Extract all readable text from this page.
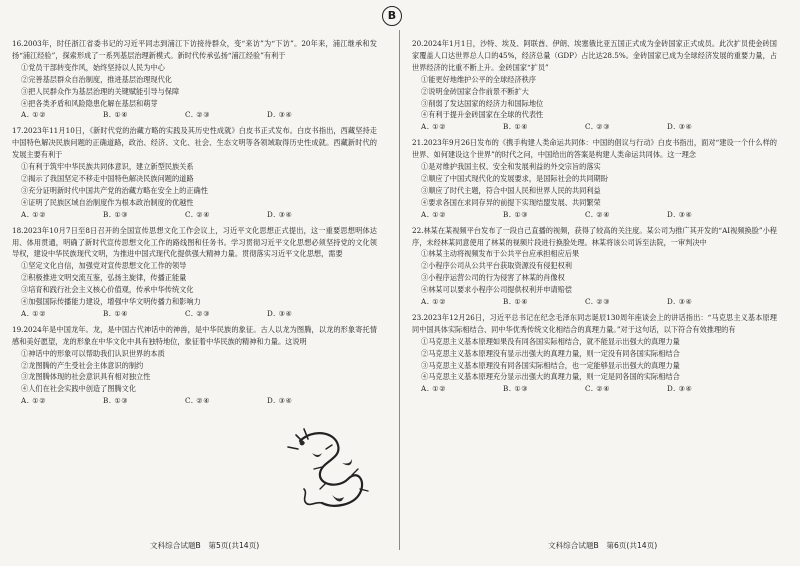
B
16.2003年，时任浙江省委书记的习近平同志到浦江下访接待群众，变“来访”为“下访”。20年来，浦江继承和发扬“浦江经验”，探索形成了一系列基层治理新模式。新时代传承弘扬“浦江经验”有利于
①党员干部转变作风，始终坚持以人民为中心
②完善基层群众自治制度，推进基层治理现代化
③把人民群众作为基层治理的关键赋能引导与保障
④把各类矛盾和风险隐患化解在基层和萌芽
A. ①②	B. ①④	C. ②③	D. ③④
17.2023年11月10日，《新时代党的治藏方略的实践及其历史性成就》白皮书正式发布。白皮书指出，西藏坚持走中国特色解决民族问题的正确道路，政治、经济、文化、社会、生态文明等各领域取得历史性成就。西藏新时代的发展主要有利于
①有利于筑牢中华民族共同体意识，建立新型民族关系
②揭示了我国坚定不移走中国特色解决民族问题的道路
③充分证明新时代中国共产党的治藏方略在安全上的正确性
④证明了民族区域自治制度作为根本政治制度的优越性
A. ①②	B. ①③	C. ②④	D. ③④
18.2023年10月7日至8日召开的全国宣传思想文化工作会议上，习近平文化思想正式提出，这一重要思想明体达用、体用贯通，明确了新时代宣传思想文化工作的路线图和任务书。学习贯彻习近平文化思想必须坚持党的文化领导权，建设中华民族现代文明，为推进中国式现代化提供强大精神力量。贯彻落实习近平文化思想，需要
①坚定文化自信，加强党对宣传思想文化工作的领导
②积极推进文明交流互鉴，弘扬主旋律，传播正能量
③培育和践行社会主义核心价值观，传承中华传统文化
④加强国际传播能力建设，增强中华文明传播力和影响力
A. ①②	B. ①④	C. ②③	D. ③④
19.2024年是中国龙年。龙，是中国古代神话中的神兽，是中华民族的象征。古人以龙为图腾，以龙的形象寄托情感和美好愿望，龙的形象在中华文化中具有独特地位，象征着中华民族的精神和力量。这说明
①神话中的形象可以帮助我们认识世界的本质
②龙图腾的产生受社会主体意识的制约
③龙图腾体现的社会意识具有相对独立性
④人们在社会实践中创造了图腾文化
A. ①②	B. ①③	C. ②④	D. ③④
20.2024年1月1日，沙特、埃及、阿联酋、伊朗、埃塞俄比亚五国正式成为金砖国家正式成员。此次扩员使金砖国家覆盖人口达世界总人口的45%，经济总量（GDP）占比达28.5%。金砖国家已成为全球经济发展的重要力量，占世界经济的比重不断上升。金砖国家“扩员”
①能更好地维护公平的全球经济秩序
②说明金砖国家合作前景不断扩大
③削弱了发达国家的经济力和国际地位
④有利于提升金砖国家在全球的代表性
A. ①②	B. ①④	C. ②③	D. ③④
21.2023年9月26日发布的《携手构建人类命运共同体：中国的倡议与行动》白皮书指出，面对“建设一个什么样的世界、如何建设这个世界”的时代之问，中国给出的答案是构建人类命运共同体。这一理念
①是对维护我国主权、安全和发展利益的外交宗旨的落实
②顺应了中国式现代化的发展要求，是国际社会的共同期盼
③顺应了时代主题，符合中国人民和世界人民的共同利益
④要求各国在求同存异的前提下实现结盟发展、共同繁荣
A. ①②	B. ①③	C. ②④	D. ③④
22.林某在某视频平台发布了一段自己直播的视频，获得了较高的关注度。某公司为推广其开发的“AI视频换脸”小程序，未经林某同意使用了林某的视频片段进行换脸处理。林某将该公司诉至法院，一审判决中
①林某主动将视频发布于公共平台应承担相应后果
②小程序公司从公共平台获取资源没有侵犯权利
③小程序运营公司的行为侵害了林某的肖像权
④林某可以要求小程序公司提供权利并申请赔偿
A. ①②	B. ①④	C. ②③	D. ③④
23.2023年12月26日，习近平总书记在纪念毛泽东同志诞辰130周年座谈会上的讲话指出：“马克思主义基本原理同中国具体实际相结合、同中华优秀传统文化相结合的真理力量。”对于这句话，以下符合有效推理的有
①马克思主义基本原理如果没有同各国实际相结合，就不能显示出强大的真理力量
②马克思主义基本原理没有显示出强大的真理力量，则一定没有同各国实际相结合
③马克思主义基本原理没有同各国实际相结合，也一定能够显示出强大的真理力量
④马克思主义基本原理充分显示出强大的真理力量，则一定是同各国的实际相结合
A. ①②	B. ①③	C. ②④	D. ③④
文科综合试题B　第5页(共14页)	文科综合试题B　第6页(共14页)
